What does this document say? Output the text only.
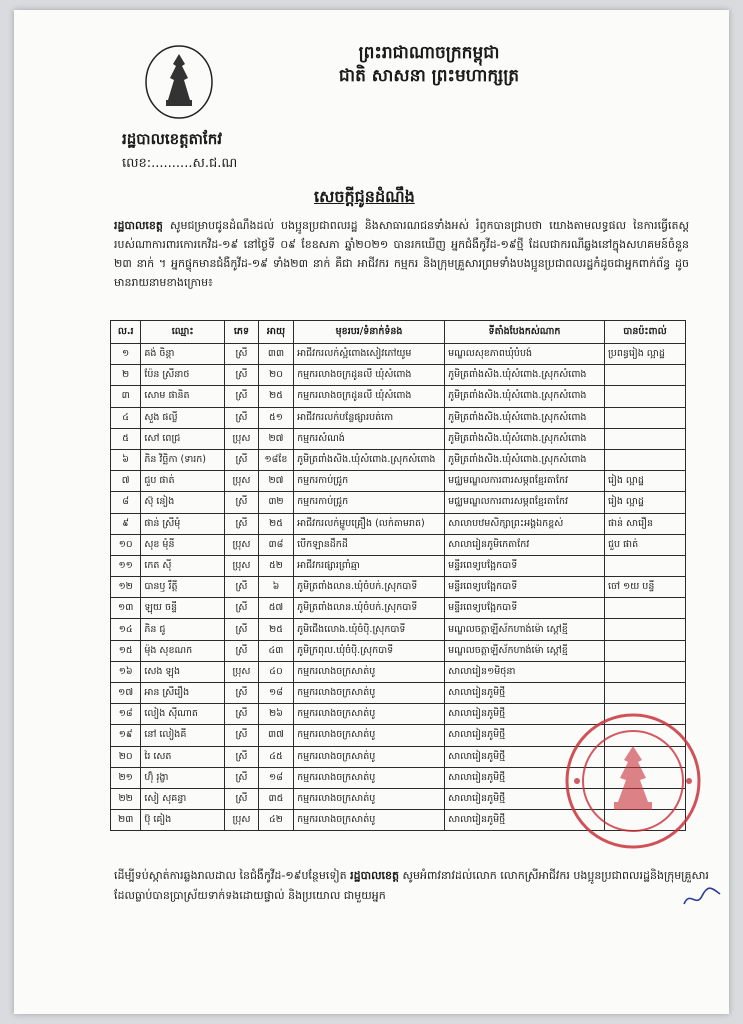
ព្រះរាជាណាចក្រកម្ពុជា
ជាតិ សាសនា ព្រះមហាក្សត្រ
រដ្ឋបាលខេត្តតាកែវ
លេខ:..........ស.ជ.ណ
សេចក្ដីជូនដំណឹង
រដ្ឋបាលខេត្ត សូមជម្រាបជូនដំណឹងដល់ បងប្អូនប្រជាពលរដ្ឋ និងសាធារណជនទាំងអស់ រំឭកបានជ្រាបថា យោងតាមលទ្ធផល នៃការធ្វើតេស្តរបស់ណាការពារកោរកេវិដ-១៩ នៅថ្ងៃទី ០៩ ខែឧសភា ឆ្នាំ២០២១ បានរកឃើញ អ្នកជំងឺកូវីដ-១៩ថ្មី ដែលជាករណីឆ្លងនៅក្នុងសហគមន៍ចំនួន ២៣ នាក់ ។ អ្នកផ្ទុកមានជំងឺកូវីដ-១៩ ទាំង២៣ នាក់ គឺជា អាជីវករ កម្មករ និងក្រុមគ្រួសារព្រមទាំងបងប្អូនប្រជាពលរដ្ឋកំដូចជាអ្នកពាក់ព័ន្ធ ដូចមានរាយនាមខាងក្រោម៖
ល.រ	ឈ្មោះ	ភេទ	អាយុ	មុខរបរ/ទំនាក់ទំនង	ទីតាំងបែងកស់ណាក	បានប៉ះពាល់
១	គង់ ចិន្តា	ស្រី	៣៣	អាជីវករលក់ស្អំពោងសៀវភៅយូម	មណ្ឌលសុខភាពឃុំបំបង់	ប្រពន្ធរៀង ល្អាដ្ឋ
២	ប៉ែន ស្រីនាថ	ស្រី	២០	កម្មករលាងចក្រដូនលី ឃុំសំពោង	ភូមិត្រពាំងសិង.ឃុំសំពោង.ស្រុកសំពោង	
៣	សោម ផានិត	ស្រី	២៥	កម្មករលាងចក្រដូនលី ឃុំសំពោង	ភូមិត្រពាំងសិង.ឃុំសំពោង.ស្រុកសំពោង	
៤	សួង ផល្លី	ស្រី	៥១	អាជីវករលក់បន្លែផ្សារបត់កោ	ភូមិត្រពាំងសិង.ឃុំសំពោង.ស្រុកសំពោង	
៥	សៅ ពេជ្រ	ប្រុស	២៧	កម្មករសំណង់	ភូមិត្រពាំងសិង.ឃុំសំពោង.ស្រុកសំពោង	
៦	ភិន វិច្ឆិកា (ទារក)	ស្រី	១៨ខែ	ភូមិត្រពាំងសិង.ឃុំសំពោង.ស្រុកសំពោង	ភូមិត្រពាំងសិង.ឃុំសំពោង.ស្រុកសំពោង	
៧	ជួប ផាត់	ប្រុស	២៧	កម្មករកាប់ជ្រូក	មជ្ឈមណ្ឌលការពារសម្ភពខ្មែរតាកែវ	រៀង ល្អាដ្ឋ
៨	ស៊ុ នៀង	ស្រី	៣២	កម្មករកាប់ជ្រូក	មជ្ឈមណ្ឌលការពារសម្ភពខ្មែរតាកែវ	រៀង ល្អាដ្ឋ
៩	ផាន់ ស្រីមុំ	ស្រី	២៥	អាជីវករលក់ម្ហូបគ្រឿង (លក់តាមរាត)	សាលាបឋមសិក្សាព្រះអង្គឯកខ្ពស់	ផាន់ សារឿន
១០	សុខ មុំនី	ប្រុស	៣៨	បើកឡានដឹកដី	សាលារៀនភូមិកេតាកែវ	ជួប ផាត់
១១	កេត ស៊ី	ប្រុស	៥២	អាជីវករផ្សារព្រាំឆ្មា	មន្ទីរពេទ្យបង្អែកបាទី	
១២	បានឫ រឹត្តី	ស្រី	៦	ភូមិត្រពាំងលាន.ឃុំចំបក់.ស្រុកបាទី	មន្ទីរពេទ្យបង្អែកបាទី	ចៅ ១យ បន្ទី
១៣	ឡុយ ចន្ទី	ស្រី	៥៧	ភូមិត្រពាំងលាន.ឃុំចំបក់.ស្រុកបាទី	មន្ទីរពេទ្យបង្អែកបាទី	
១៤	ភិន ជូ	ស្រី	២៥	ភូមិជើងលោង.ឃុំចំប៉ិ.ស្រុកបាទី	មណ្ឌលចត្តាឡីស័កហាង់ម៉ោ ស្តៅខ្មី	
១៥	ម៉ុង សុខណក	ស្រី	៤៣	ភូមិក្រពុល.ឃុំចំប៉ិ.ស្រុកបាទី	មណ្ឌលចត្តាឡីស័កហាង់ម៉ោ ស្តៅខ្មី	
១៦	សេង ឡុង	ប្រុស	៤០	កម្មករលាងចក្រសាត់បូ	សាលារៀន១មិថុនា	
១៧	អាន ស្រីរឿង	ស្រី	១៨	កម្មករលាងចក្រសាត់បូ	សាលារៀនភូមិថ្មី	
១៨	លៀង ស៊ីណាត	ស្រី	២៦	កម្មករលាងចក្រសាត់បូ	សាលារៀនភូមិថ្មី	
១៩	នៅ លៀងគី	ស្រី	៣៧	កម្មករលាងចក្រសាត់បូ	សាលារៀនភូមិថ្មី	
២០	រៃ សេត	ស្រី	៤៥	កម្មករលាងចក្រសាត់បូ	សាលារៀនភូមិថ្មី	
២១	ហ៊ុំ រុង្ខា	ស្រី	១៨	កម្មករលាងចក្រសាត់បូ	សាលារៀនភូមិថ្មី	
២២	សៀ សុគន្ធា	ស្រី	៣៥	កម្មករលាងចក្រសាត់បូ	សាលារៀនភូមិថ្មី	
២៣	ប៊ុ គៀង	ប្រុស	៤២	កម្មករលាងចក្រសាត់បូ	សាលារៀនភូមិថ្មី	
ដើម្បីទប់ស្កាត់ការឆ្លងរាលដាល នៃជំងឺកូវីដ-១៩បន្ថែមទៀត រដ្ឋបាលខេត្ត សូមអំពាវនាវដល់លោក លោកស្រីអាជីវករ បងប្អូនប្រជាពលរដ្ឋនិងក្រុមគ្រួសារដែលធ្លាប់បានប្រាស្រ័យទាក់ទងដោយផ្ទាល់ និងប្រយោល ជាមួយអ្នក
